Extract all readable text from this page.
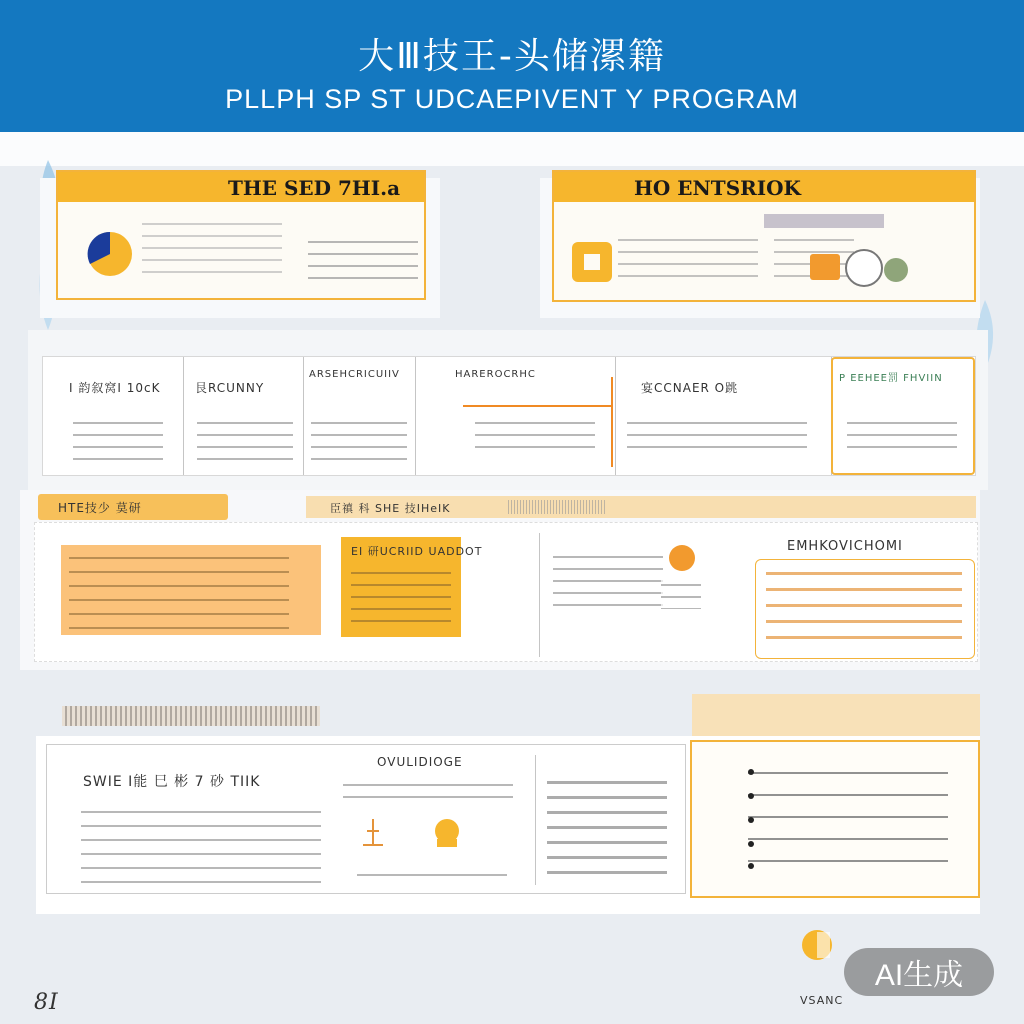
大Ⅲ技王-头储漯籍
PLLPH SP ST UDCAEPIVENT Y PROGRAM
THE SED 7HI.a	HO ENTSRIOK
I 韵叙窝I 10cK	艮RCUNNY
ARSEHCRICUIIV	HAREROCRHC
宴CCNAER O跳
P EEHEE罰 FHVIIN
HTE技少 莫研	臣禛 科 SHE 技IHeIK
EI 研UCRIID UADDOT	EMHKOVICHOMI
SWIE I能 巳 彬 7 砂 TIIK
OVULIDIOGE
8I	VSANC
AI生成
